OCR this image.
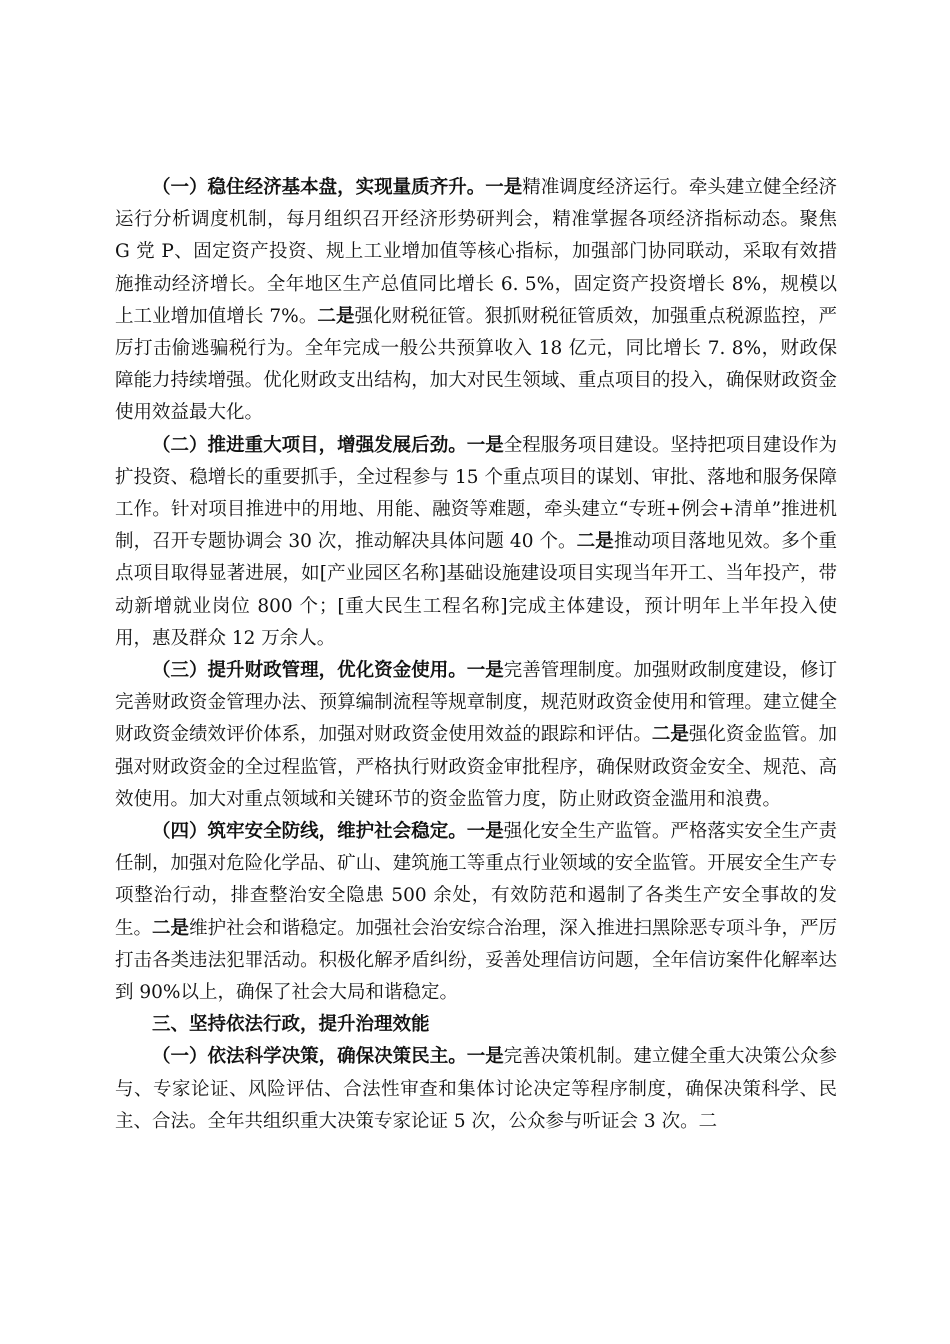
（一）稳住经济基本盘，实现量质齐升。一是精准调度经济运行。牵头建立健全经济运行分析调度机制，每月组织召开经济形势研判会，精准掌握各项经济指标动态。聚焦 G 党 P、固定资产投资、规上工业增加值等核心指标，加强部门协同联动，采取有效措施推动经济增长。全年地区生产总值同比增长 6. 5%，固定资产投资增长 8%，规模以上工业增加值增长 7%。二是强化财税征管。狠抓财税征管质效，加强重点税源监控，严厉打击偷逃骗税行为。全年完成一般公共预算收入 18 亿元，同比增长 7. 8%，财政保障能力持续增强。优化财政支出结构，加大对民生领域、重点项目的投入，确保财政资金使用效益最大化。

（二）推进重大项目，增强发展后劲。一是全程服务项目建设。坚持把项目建设作为扩投资、稳增长的重要抓手，全过程参与 15 个重点项目的谋划、审批、落地和服务保障工作。针对项目推进中的用地、用能、融资等难题，牵头建立“专班+例会+清单”推进机制，召开专题协调会 30 次，推动解决具体问题 40 个。二是推动项目落地见效。多个重点项目取得显著进展，如[产业园区名称]基础设施建设项目实现当年开工、当年投产，带动新增就业岗位 800 个；[重大民生工程名称]完成主体建设，预计明年上半年投入使用，惠及群众 12 万余人。

（三）提升财政管理，优化资金使用。一是完善管理制度。加强财政制度建设，修订完善财政资金管理办法、预算编制流程等规章制度，规范财政资金使用和管理。建立健全财政资金绩效评价体系，加强对财政资金使用效益的跟踪和评估。二是强化资金监管。加强对财政资金的全过程监管，严格执行财政资金审批程序，确保财政资金安全、规范、高效使用。加大对重点领域和关键环节的资金监管力度，防止财政资金滥用和浪费。

（四）筑牢安全防线，维护社会稳定。一是强化安全生产监管。严格落实安全生产责任制，加强对危险化学品、矿山、建筑施工等重点行业领域的安全监管。开展安全生产专项整治行动，排查整治安全隐患 500 余处，有效防范和遏制了各类生产安全事故的发生。二是维护社会和谐稳定。加强社会治安综合治理，深入推进扫黑除恶专项斗争，严厉打击各类违法犯罪活动。积极化解矛盾纠纷，妥善处理信访问题，全年信访案件化解率达到 90%以上，确保了社会大局和谐稳定。

三、坚持依法行政，提升治理效能

（一）依法科学决策，确保决策民主。一是完善决策机制。建立健全重大决策公众参与、专家论证、风险评估、合法性审查和集体讨论决定等程序制度，确保决策科学、民主、合法。全年共组织重大决策专家论证 5 次，公众参与听证会 3 次。二
